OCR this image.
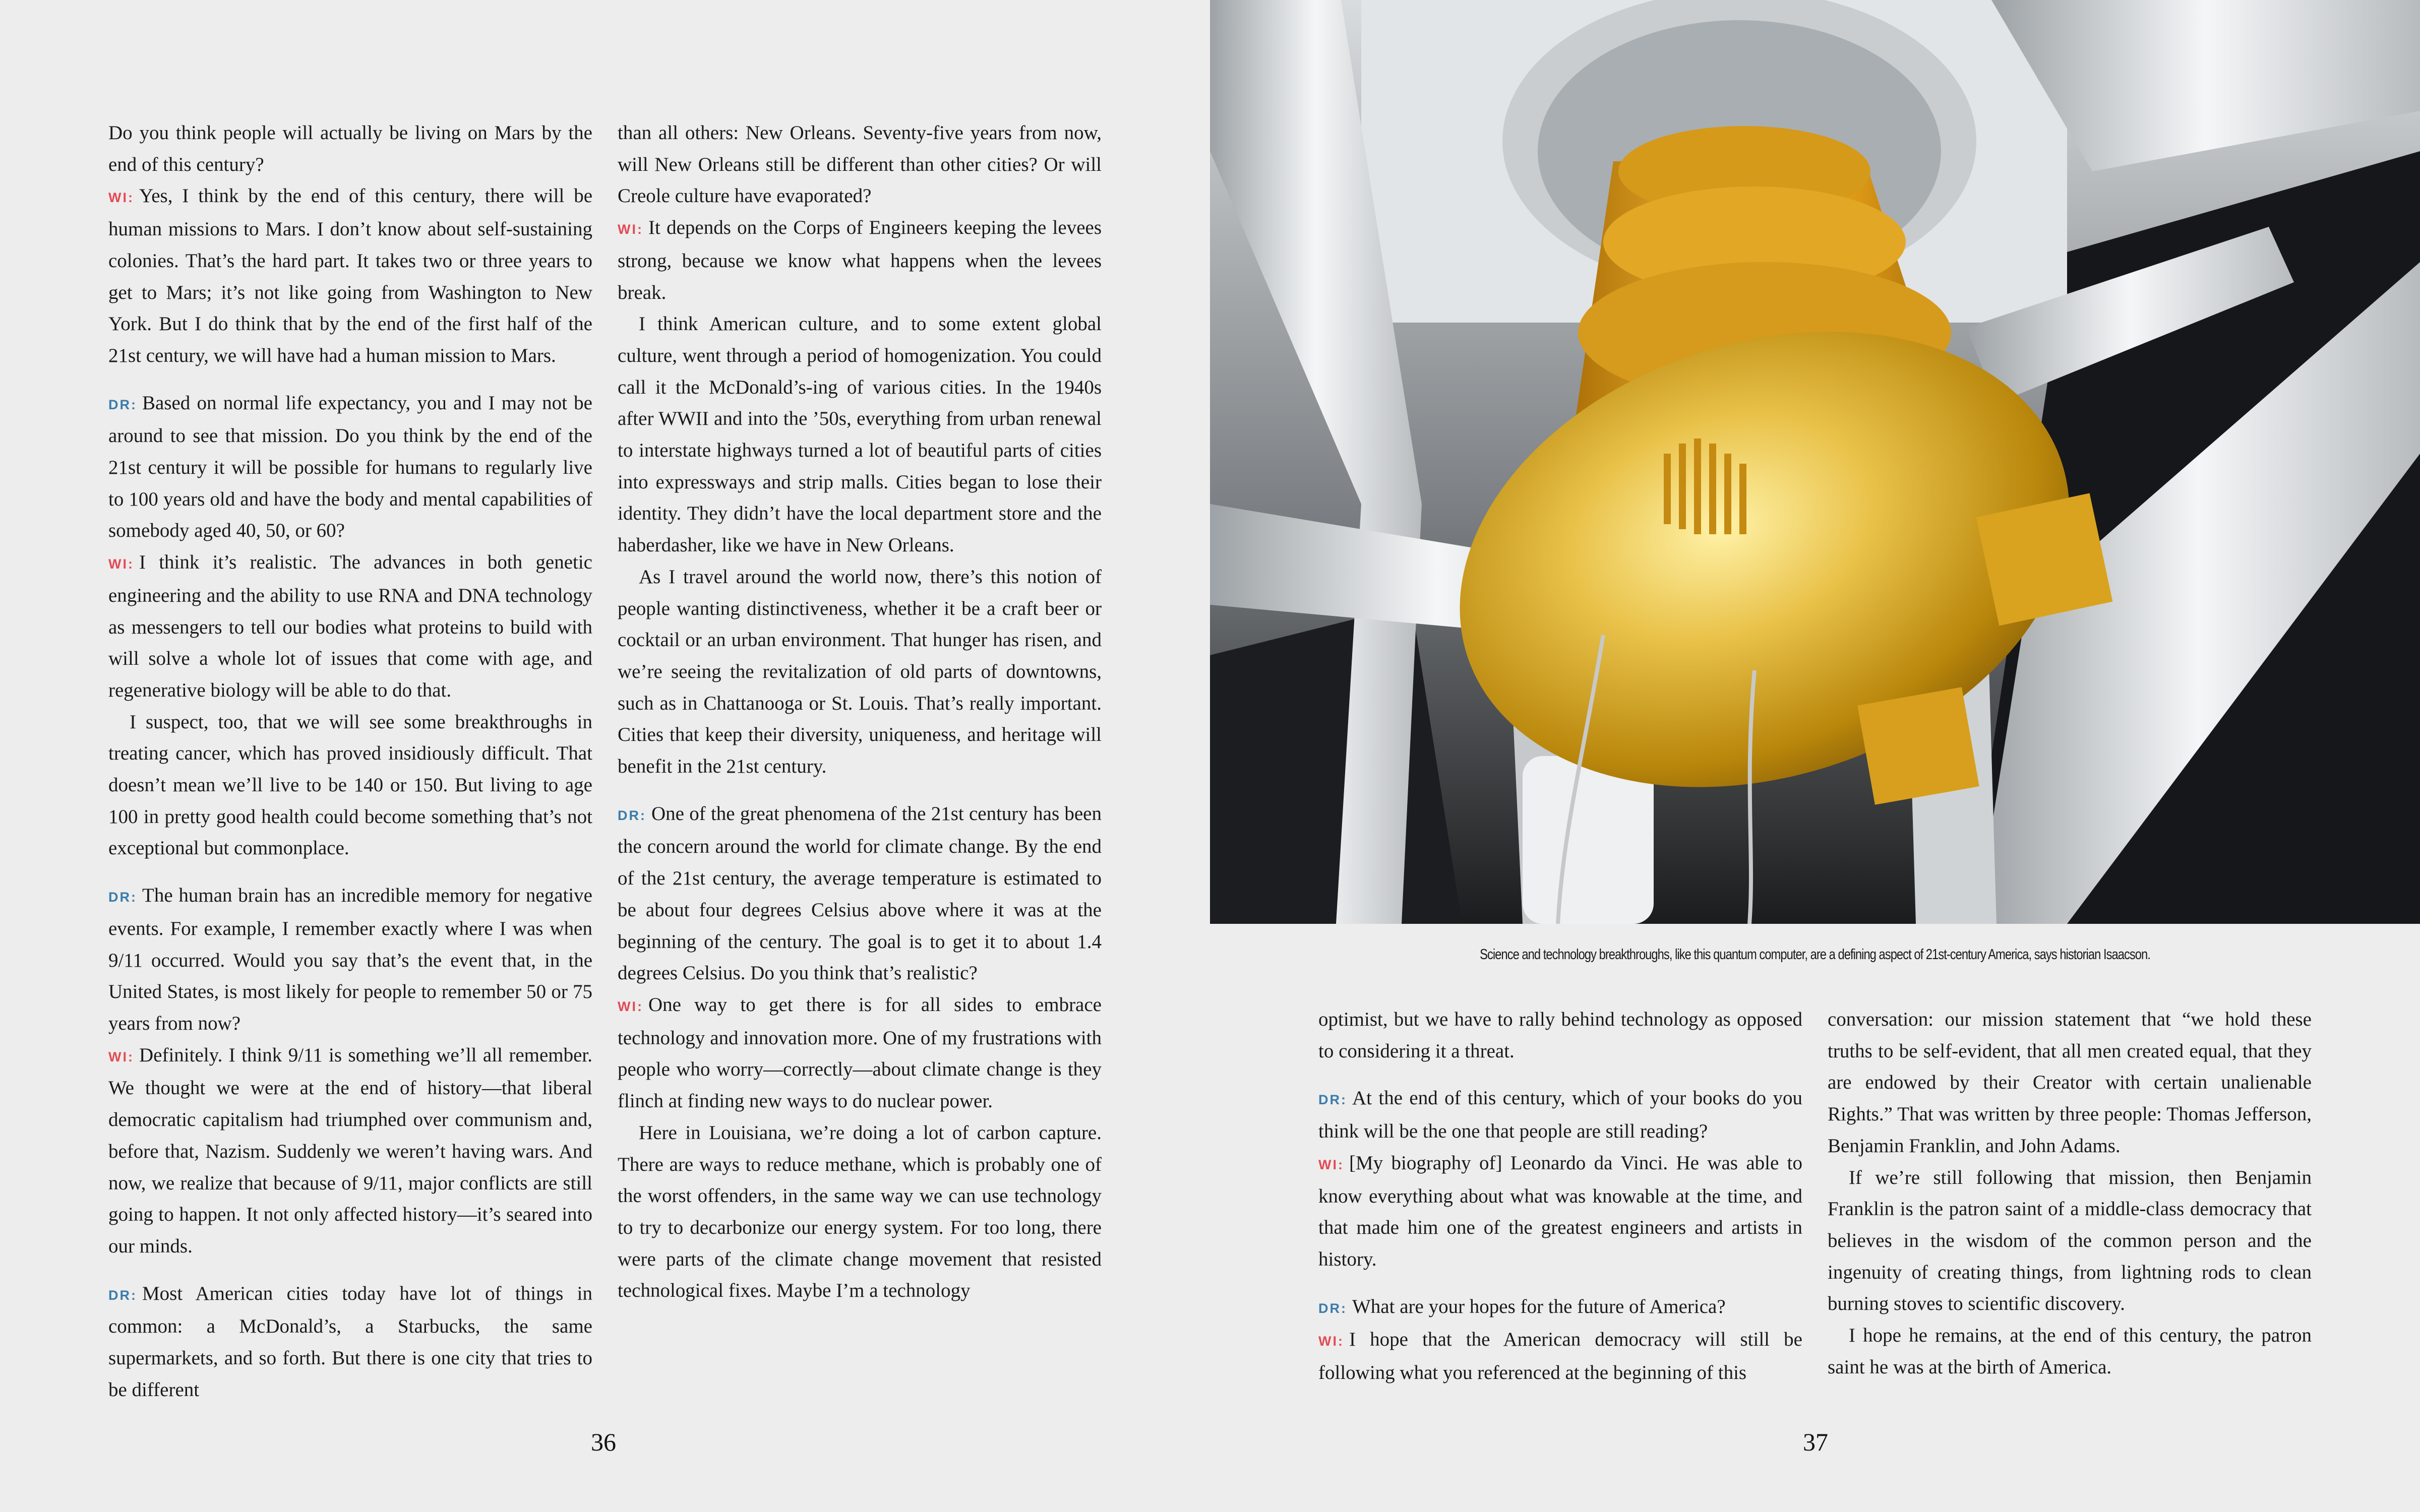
Do you think people will actually be living on Mars by the end of this century?

WI: Yes, I think by the end of this century, there will be human missions to Mars. I don’t know about self-sustaining colonies. That’s the hard part. It takes two or three years to get to Mars; it’s not like going from Washington to New York. But I do think that by the end of the first half of the 21st century, we will have had a human mission to Mars.

DR: Based on normal life expectancy, you and I may not be around to see that mission. Do you think by the end of the 21st century it will be possible for humans to regularly live to 100 years old and have the body and mental capabilities of somebody aged 40, 50, or 60?

WI: I think it’s realistic. The advances in both genetic engineering and the ability to use RNA and DNA technology as messengers to tell our bodies what proteins to build with will solve a whole lot of issues that come with age, and regenerative biology will be able to do that.

I suspect, too, that we will see some breakthroughs in treating cancer, which has proved insidiously difficult. That doesn’t mean we’ll live to be 140 or 150. But living to age 100 in pretty good health could become something that’s not exceptional but commonplace.

DR: The human brain has an incredible memory for negative events. For example, I remember exactly where I was when 9/11 occurred. Would you say that’s the event that, in the United States, is most likely for people to remember 50 or 75 years from now?

WI: Definitely. I think 9/11 is something we’ll all remember. We thought we were at the end of history—that liberal democratic capitalism had triumphed over communism and, before that, Nazism. Suddenly we weren’t having wars. And now, we realize that because of 9/11, major conflicts are still going to happen. It not only affected history—it’s seared into our minds.

DR: Most American cities today have lot of things in common: a McDonald’s, a Starbucks, the same supermarkets, and so forth. But there is one city that tries to be different

than all others: New Orleans. Seventy-five years from now, will New Orleans still be different than other cities? Or will Creole culture have evaporated?

WI: It depends on the Corps of Engineers keeping the levees strong, because we know what happens when the levees break.

I think American culture, and to some extent global culture, went through a period of homogenization. You could call it the McDonald’s-ing of various cities. In the 1940s after WWII and into the ’50s, everything from urban renewal to interstate highways turned a lot of beautiful parts of cities into expressways and strip malls. Cities began to lose their identity. They didn’t have the local department store and the haberdasher, like we have in New Orleans.

As I travel around the world now, there’s this notion of people wanting distinctiveness, whether it be a craft beer or cocktail or an urban environment. That hunger has risen, and we’re seeing the revitalization of old parts of downtowns, such as in Chattanooga or St. Louis. That’s really important. Cities that keep their diversity, uniqueness, and heritage will benefit in the 21st century.

DR: One of the great phenomena of the 21st century has been the concern around the world for climate change. By the end of the 21st century, the average temperature is estimated to be about four degrees Celsius above where it was at the beginning of the century. The goal is to get it to about 1.4 degrees Celsius. Do you think that’s realistic?

WI: One way to get there is for all sides to embrace technology and innovation more. One of my frustrations with people who worry—correctly—about climate change is they flinch at finding new ways to do nuclear power.

Here in Louisiana, we’re doing a lot of carbon capture. There are ways to reduce methane, which is probably one of the worst offenders, in the same way we can use technology to try to decarbonize our energy system. For too long, there were parts of the climate change movement that resisted technological fixes. Maybe I’m a technology

36
Science and technology breakthroughs, like this quantum computer, are a defining aspect of 21st-century America, says historian Isaacson.

optimist, but we have to rally behind technology as opposed to considering it a threat.

DR: At the end of this century, which of your books do you think will be the one that people are still reading?

WI: [My biography of] Leonardo da Vinci. He was able to know everything about what was knowable at the time, and that made him one of the greatest engineers and artists in history.

DR: What are your hopes for the future of America?

WI: I hope that the American democracy will still be following what you referenced at the beginning of this

conversation: our mission statement that “we hold these truths to be self-evident, that all men created equal, that they are endowed by their Creator with certain unalienable Rights.” That was written by three people: Thomas Jefferson, Benjamin Franklin, and John Adams.

If we’re still following that mission, then Benjamin Franklin is the patron saint of a middle-class democracy that believes in the wisdom of the common person and the ingenuity of creating things, from lightning rods to clean burning stoves to scientific discovery.

I hope he remains, at the end of this century, the patron saint he was at the birth of America.

37
